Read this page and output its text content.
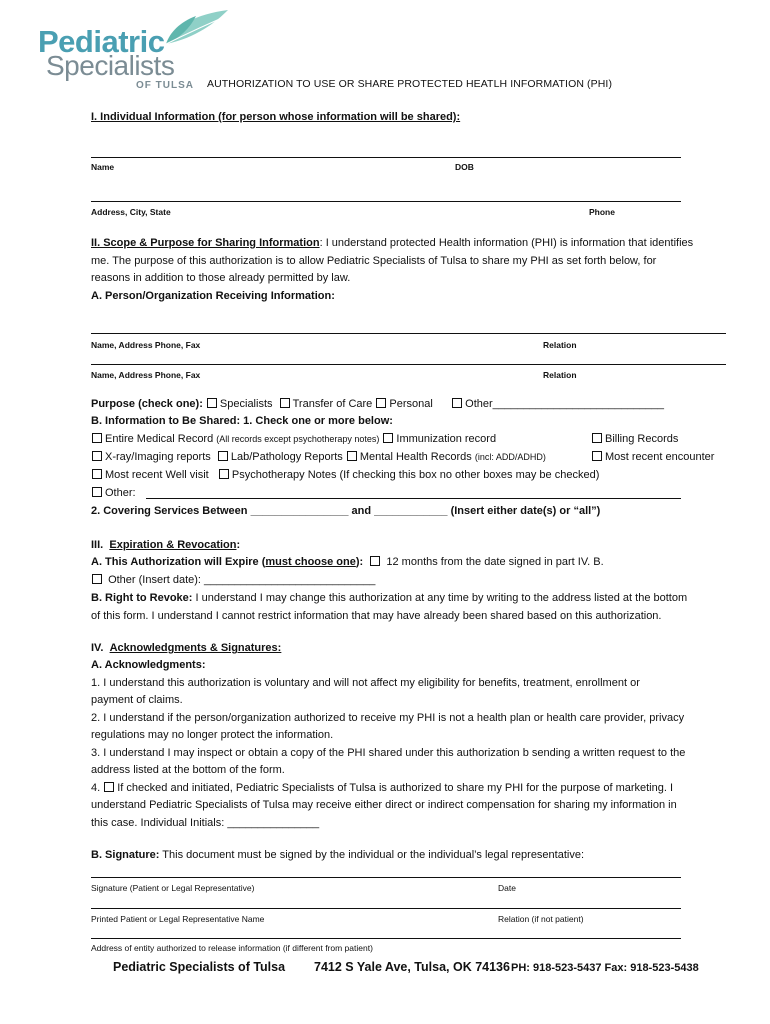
Pediatric
Specialists
OF TULSA AUTHORIZATION TO USE OR SHARE PROTECTED HEATLH INFORMATION (PHI)
I. Individual Information (for person whose information will be shared):
Name	DOB
Address, City, State	Phone
II. Scope & Purpose for Sharing Information: I understand protected Health information (PHI) is information that identifies
me. The purpose of this authorization is to allow Pediatric Specialists of Tulsa to share my PHI as set forth below, for
reasons in addition to those already permitted by law.
A. Person/Organization Receiving Information:
Name, Address Phone, Fax	Relation
Name, Address Phone, Fax	Relation
Purpose (check one): Specialists Transfer of Care Personal	Other____________________________
B. Information to Be Shared: 1. Check one or more below:
Entire Medical Record (All records except psychotherapy notes) Immunization record	Billing Records
X-ray/Imaging reports Lab/Pathology Reports Mental Health Records (incl: ADD/ADHD)	Most recent encounter
Most recent Well visit Psychotherapy Notes (If checking this box no other boxes may be checked)
Other:
2. Covering Services Between ________________ and ____________ (Insert either date(s) or “all”)
III. Expiration & Revocation:
A. This Authorization will Expire (must choose one): 12 months from the date signed in part IV. B.
Other (Insert date): ____________________________
B. Right to Revoke: I understand I may change this authorization at any time by writing to the address listed at the bottom
of this form. I understand I cannot restrict information that may have already been shared based on this authorization.
IV. Acknowledgments & Signatures:
A. Acknowledgments:
1. I understand this authorization is voluntary and will not affect my eligibility for benefits, treatment, enrollment or
payment of claims.
2. I understand if the person/organization authorized to receive my PHI is not a health plan or health care provider, privacy
regulations may no longer protect the information.
3. I understand I may inspect or obtain a copy of the PHI shared under this authorization b sending a written request to the
address listed at the bottom of the form.
4. If checked and initiated, Pediatric Specialists of Tulsa is authorized to share my PHI for the purpose of marketing. I
understand Pediatric Specialists of Tulsa may receive either direct or indirect compensation for sharing my information in
this case. Individual Initials: _______________
B. Signature: This document must be signed by the individual or the individual’s legal representative:
Signature (Patient or Legal Representative)	Date
Printed Patient or Legal Representative Name	Relation (if not patient)
Address of entity authorized to release information (if different from patient)
Pediatric Specialists of Tulsa 7412 S Yale Ave, Tulsa, OK 74136 PH: 918-523-5437 Fax: 918-523-5438
